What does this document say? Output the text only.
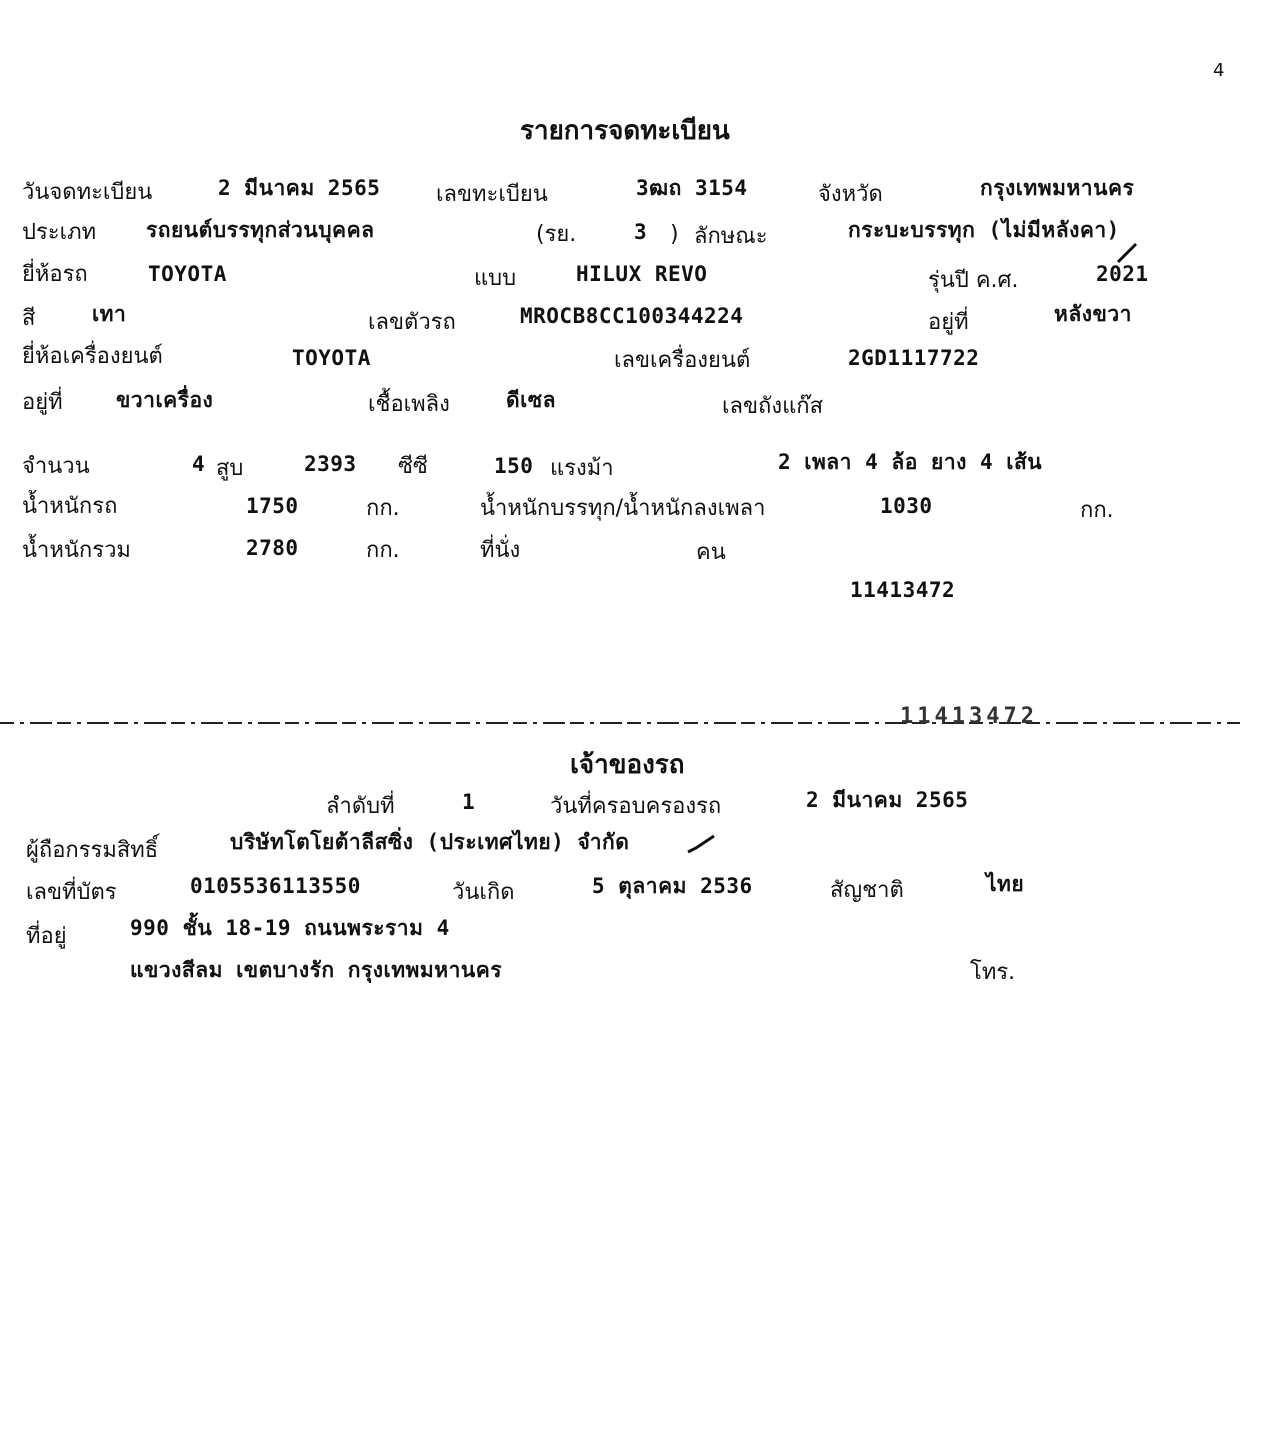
4
รายการจดทะเบียน
วันจดทะเบียน	2 มีนาคม 2565	เลขทะเบียน	3ฒถ 3154	จังหวัด	กรุงเทพมหานคร
ประเภท รถยนต์บรรทุกส่วนบุคคล	(รย.	3 ) ลักษณะ	กระบะบรรทุก (ไม่มีหลังคา)
ยี่ห้อรถ	TOYOTA	แบบ	HILUX REVO	รุ่นปี ค.ศ.	2021
สี	เทา	เลขตัวรถ	MROCB8CC100344224	อยู่ที่	หลังขวา
ยี่ห้อเครื่องยนต์	TOYOTA	เลขเครื่องยนต์	2GD1117722
อยู่ที่	ขวาเครื่อง	เชื้อเพลิง	ดีเซล	เลขถังแก๊ส
จำนวน	4 สูบ	2393 ซีซี	150 แรงม้า	2 เพลา 4 ล้อ ยาง 4 เส้น
น้ำหนักรถ	1750	กก.	น้ำหนักบรรทุก/น้ำหนักลงเพลา	1030	กก.
น้ำหนักรวม	2780	กก.	ที่นั่ง	คน
11413472
11413472
เจ้าของรถ
ลำดับที่	1	วันที่ครอบครองรถ	2 มีนาคม 2565
ผู้ถือกรรมสิทธิ์	บริษัทโตโยต้าลีสซิ่ง (ประเทศไทย) จำกัด
เลขที่บัตร	0105536113550	วันเกิด	5 ตุลาคม 2536	สัญชาติ	ไทย
ที่อยู่	990 ชั้น 18-19 ถนนพระราม 4
แขวงสีลม เขตบางรัก กรุงเทพมหานคร	โทร.
